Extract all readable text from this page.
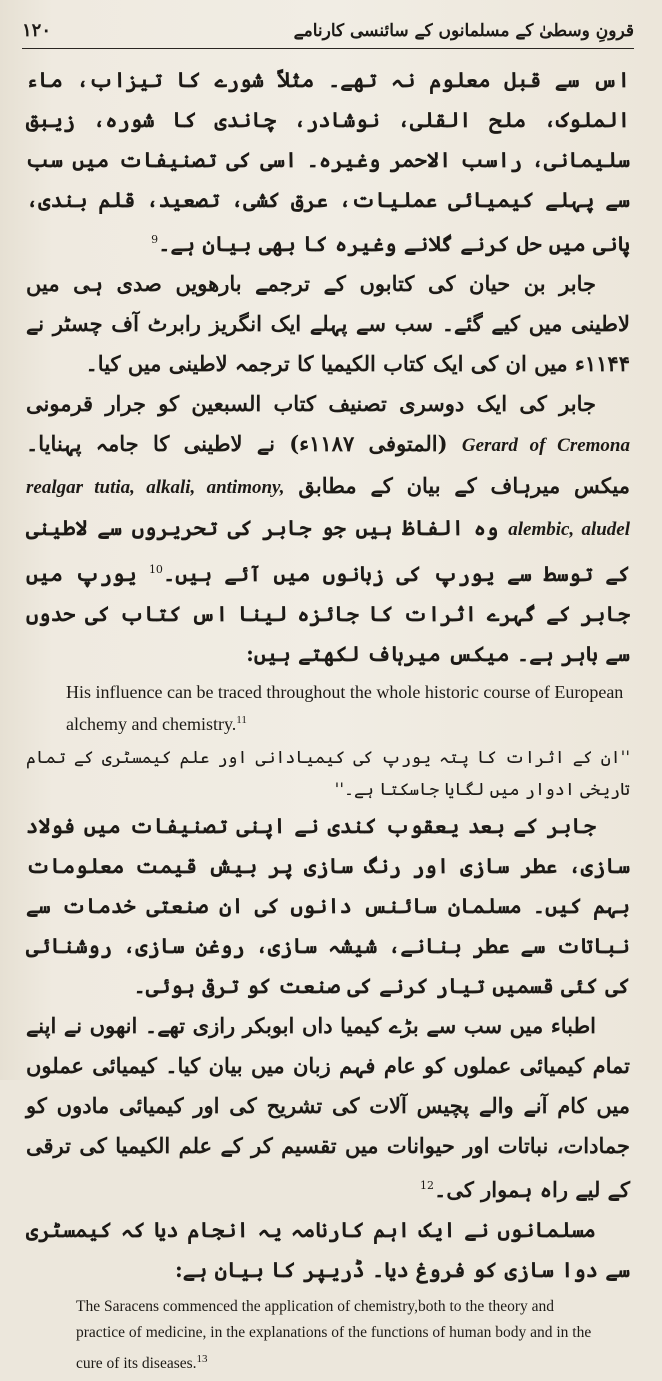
۱۲۰	قرونِ وسطیٰ کے مسلمانوں کے سائنسی کارنامے

اس سے قبل معلوم نہ تھے۔ مثلاً شورے کا تیزاب، ماء الملوک، ملح القلی، نوشادر، چاندی کا شورہ، زیبق سلیمانی، راسب الاحمر وغیرہ۔ اسی کی تصنیفات میں سب سے پہلے کیمیائی عملیات، عرق کشی، تصعید، قلم بندی، پانی میں حل کرنے گلانے وغیرہ کا بھی بیان ہے۔$^9$

جابر بن حیان کی کتابوں کے ترجمے بارھویں صدی ہی میں لاطینی میں کیے گئے۔ سب سے پہلے ایک انگریز رابرٹ آف چسٹر نے ۱۱۴۴ء میں ان کی ایک کتاب الکیمیا کا ترجمہ لاطینی میں کیا۔

جابر کی ایک دوسری تصنیف کتاب السبعین کو جرار قرمونی Gerard of Cremona (المتوفی ۱۱۸۷ء) نے لاطینی کا جامہ پہنایا۔ میکس میرہاف کے بیان کے مطابق realgar tutia, alkali, antimony, alembic, aludel وہ الفاظ ہیں جو جابر کی تحریروں سے لاطینی کے توسط سے یورپ کی زبانوں میں آئے ہیں۔$^{10}$ یورپ میں جابر کے گہرے اثرات کا جائزہ لینا اس کتاب کی حدوں سے باہر ہے۔ میکس میرہاف لکھتے ہیں:

His influence can be traced throughout the whole historic course of European alchemy and chemistry.$^{11}$

''ان کے اثرات کا پتہ یورپ کی کیمیادانی اور علم کیمسٹری کے تمام تاریخی ادوار میں لگایا جاسکتا ہے۔''

جابر کے بعد یعقوب کندی نے اپنی تصنیفات میں فولاد سازی، عطر سازی اور رنگ سازی پر بیش قیمت معلومات بہم کیں۔ مسلمان سائنس دانوں کی ان صنعتی خدمات سے نباتات سے عطر بنانے، شیشہ سازی، روغن سازی، روشنائی کی کئی قسمیں تیار کرنے کی صنعت کو ترقی ہوئی۔

اطباء میں سب سے بڑے کیمیا داں ابوبکر رازی تھے۔ انھوں نے اپنے تمام کیمیائی عملوں کو عام فہم زبان میں بیان کیا۔ کیمیائی عملوں میں کام آنے والے پچیس آلات کی تشریح کی اور کیمیائی مادوں کو جمادات، نباتات اور حیوانات میں تقسیم کر کے علم الکیمیا کی ترقی کے لیے راہ ہموار کی۔$^{12}$

مسلمانوں نے ایک اہم کارنامہ یہ انجام دیا کہ کیمسٹری سے دوا سازی کو فروغ دیا۔ ڈریپر کا بیان ہے:

The Saracens commenced the application of chemistry,both to the theory and practice of medicine, in the explanations of the functions of human body and in the cure of its diseases.$^{13}$
